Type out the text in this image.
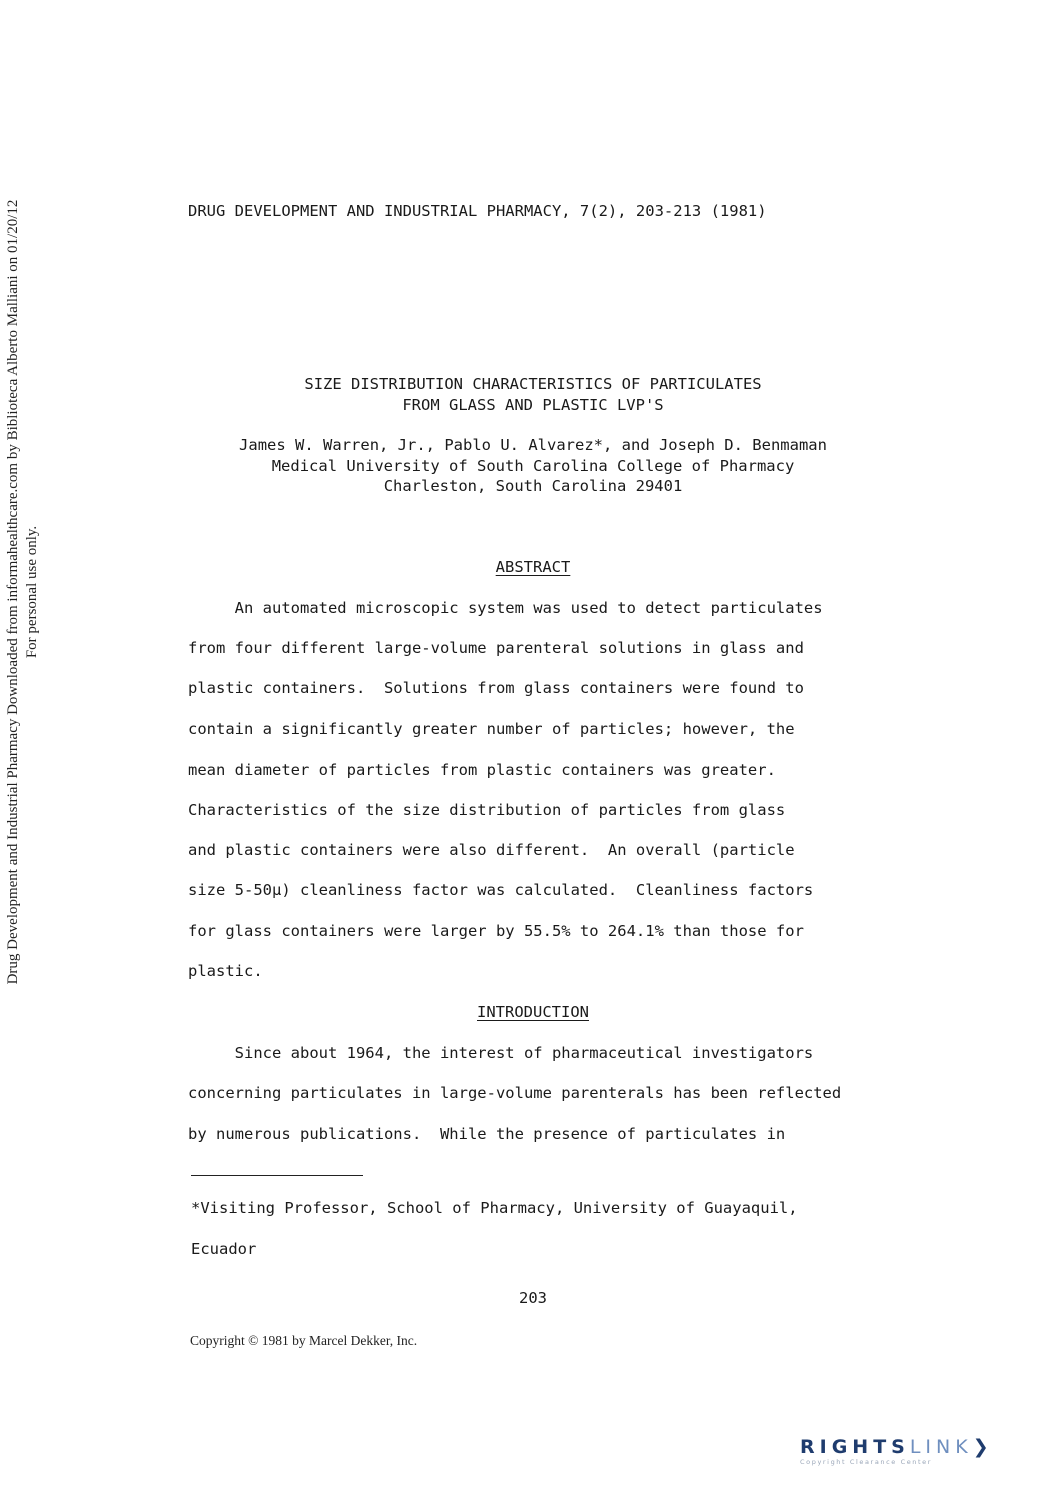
Drug Development and Industrial Pharmacy Downloaded from informahealthcare.com by Biblioteca Alberto Malliani on 01/20/12 For personal use only.
DRUG DEVELOPMENT AND INDUSTRIAL PHARMACY, 7(2), 203-213 (1981)
SIZE DISTRIBUTION CHARACTERISTICS OF PARTICULATES
FROM GLASS AND PLASTIC LVP'S
James W. Warren, Jr., Pablo U. Alvarez*, and Joseph D. Benmaman
Medical University of South Carolina College of Pharmacy
Charleston, South Carolina 29401
ABSTRACT
An automated microscopic system was used to detect particulates
from four different large-volume parenteral solutions in glass and
plastic containers.  Solutions from glass containers were found to
contain a significantly greater number of particles; however, the
mean diameter of particles from plastic containers was greater.
Characteristics of the size distribution of particles from glass
and plastic containers were also different.  An overall (particle
size 5-50µ) cleanliness factor was calculated.  Cleanliness factors
for glass containers were larger by 55.5% to 264.1% than those for
plastic.
INTRODUCTION
Since about 1964, the interest of pharmaceutical investigators
concerning particulates in large-volume parenterals has been reflected
by numerous publications.  While the presence of particulates in
*Visiting Professor, School of Pharmacy, University of Guayaquil,
Ecuador
203
Copyright © 1981 by Marcel Dekker, Inc.
RIGHTSLINK❯
Copyright Clearance Center
